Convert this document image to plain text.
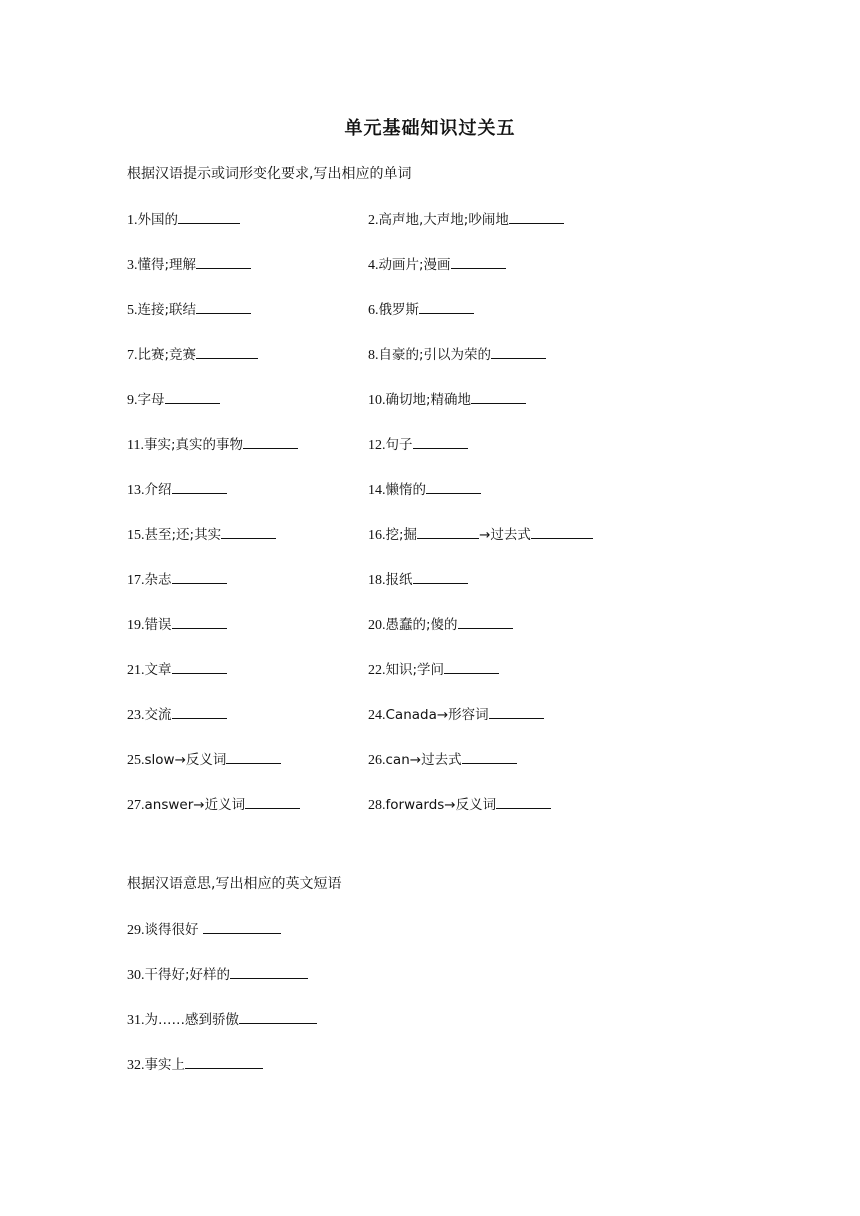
单元基础知识过关五
根据汉语提示或词形变化要求,写出相应的单词
1.外国的	2.高声地,大声地;吵闹地
3.懂得;理解	4.动画片;漫画
5.连接;联结	6.俄罗斯
7.比赛;竞赛	8.自豪的;引以为荣的
9.字母	10.确切地;精确地
11.事实;真实的事物	12.句子
13.介绍	14.懒惰的
15.甚至;还;其实	16.挖;掘	→过去式
17.杂志	18.报纸
19.错误	20.愚蠢的;傻的
21.文章	22.知识;学问
23.交流	24.Canada→形容词
25.slow→反义词	26.can→过去式
27.answer→近义词	28.forwards→反义词
根据汉语意思,写出相应的英文短语
29.谈得很好
30.干得好;好样的
31.为……感到骄傲
32.事实上
